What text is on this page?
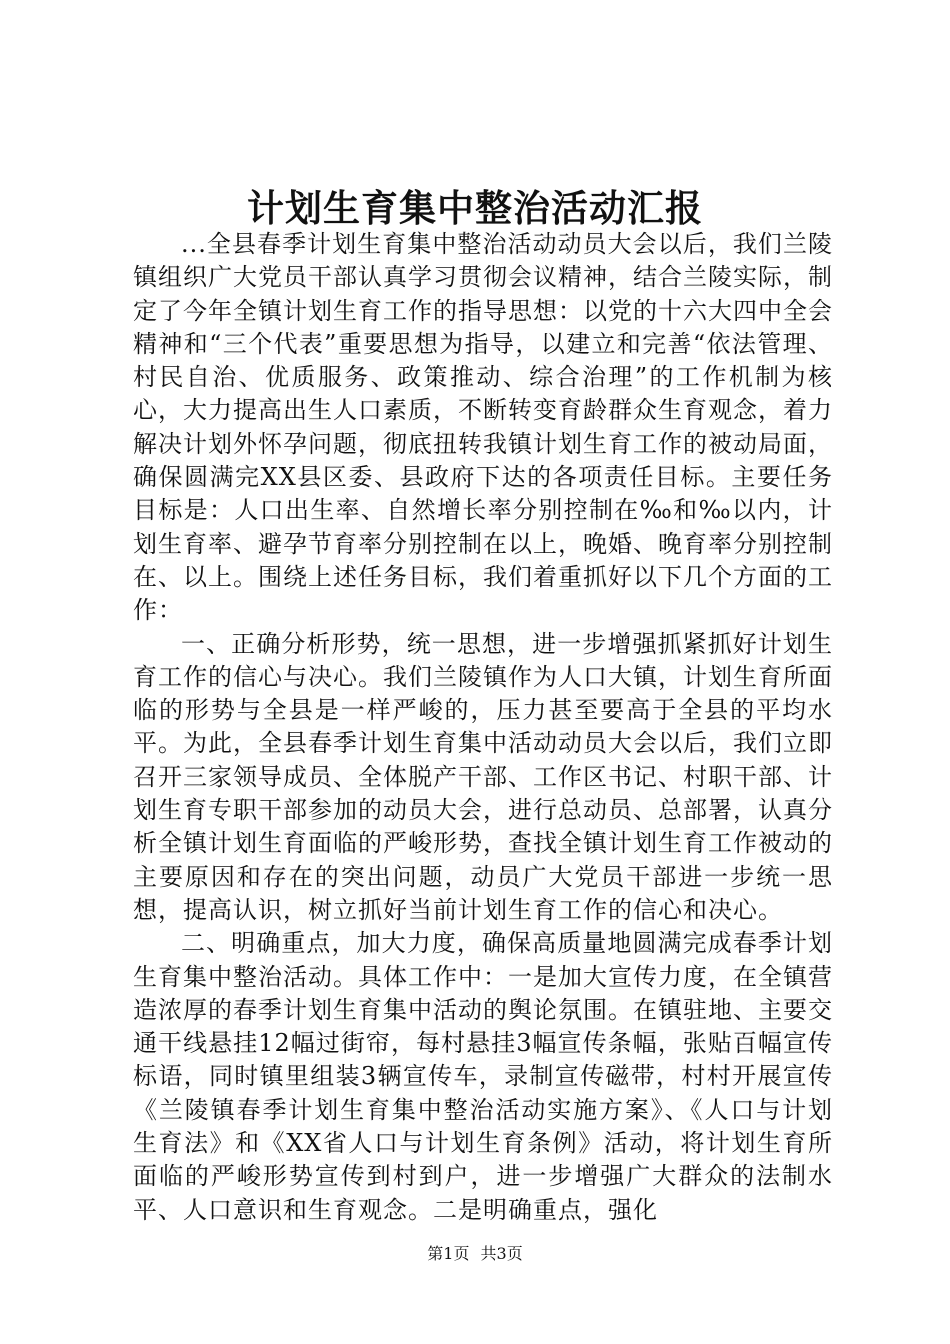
计划生育集中整治活动汇报

...全县春季计划生育集中整治活动动员大会以后，我们兰陵镇组织广大党员干部认真学习贯彻会议精神，结合兰陵实际，制定了今年全镇计划生育工作的指导思想：以党的十六大四中全会精神和“三个代表”重要思想为指导，以建立和完善“依法管理、村民自治、优质服务、政策推动、综合治理”的工作机制为核心，大力提高出生人口素质，不断转变育龄群众生育观念，着力解决计划外怀孕问题，彻底扭转我镇计划生育工作的被动局面，确保圆满完XX县区委、县政府下达的各项责任目标。主要任务目标是：人口出生率、自然增长率分别控制在‰和‰以内，计划生育率、避孕节育率分别控制在以上，晚婚、晚育率分别控制在、以上。围绕上述任务目标，我们着重抓好以下几个方面的工作：

一、正确分析形势，统一思想，进一步增强抓紧抓好计划生育工作的信心与决心。我们兰陵镇作为人口大镇，计划生育所面临的形势与全县是一样严峻的，压力甚至要高于全县的平均水平。为此，全县春季计划生育集中活动动员大会以后，我们立即召开三家领导成员、全体脱产干部、工作区书记、村职干部、计划生育专职干部参加的动员大会，进行总动员、总部署，认真分析全镇计划生育面临的严峻形势，查找全镇计划生育工作被动的主要原因和存在的突出问题，动员广大党员干部进一步统一思想，提高认识，树立抓好当前计划生育工作的信心和决心。

二、明确重点，加大力度，确保高质量地圆满完成春季计划生育集中整治活动。具体工作中：一是加大宣传力度，在全镇营造浓厚的春季计划生育集中活动的舆论氛围。在镇驻地、主要交通干线悬挂12幅过街帘，每村悬挂3幅宣传条幅，张贴百幅宣传标语，同时镇里组装3辆宣传车，录制宣传磁带，村村开展宣传《兰陵镇春季计划生育集中整治活动实施方案》、《人口与计划生育法》和《XX省人口与计划生育条例》活动，将计划生育所面临的严峻形势宣传到村到户，进一步增强广大群众的法制水平、人口意识和生育观念。二是明确重点，强化

第1页 共3页
